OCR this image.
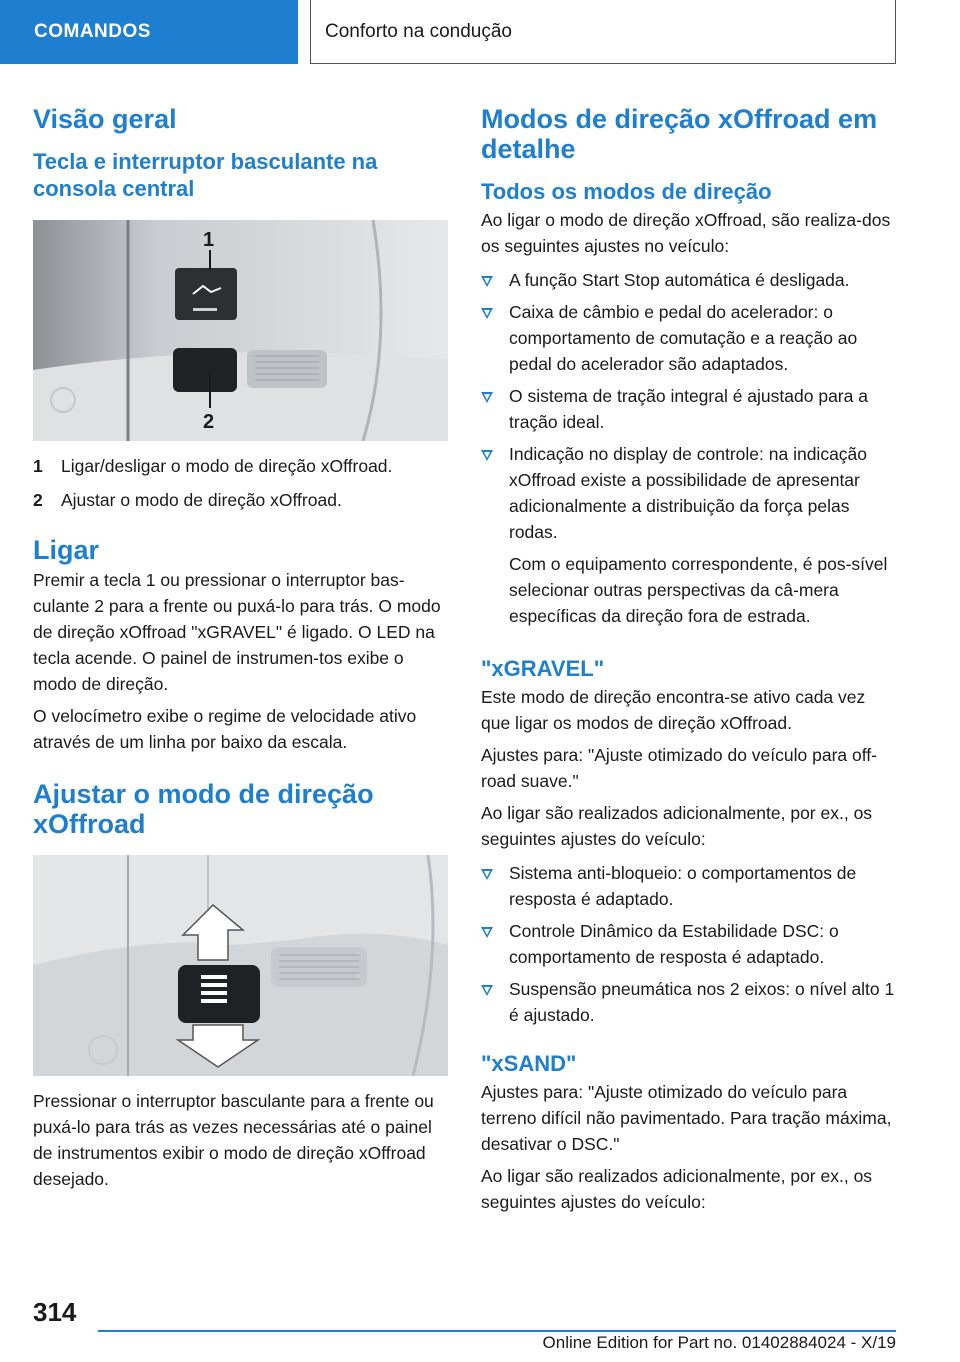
COMANDOS	Conforto na condução
Visão geral
Tecla e interruptor basculante na consola central
1
2
1	Ligar/desligar o modo de direção xOffroad.
2	Ajustar o modo de direção xOffroad.
Ligar

Premir a tecla 1 ou pressionar o interruptor bas-culante 2 para a frente ou puxá-lo para trás. O modo de direção xOffroad "xGRAVEL" é ligado. O LED na tecla acende. O painel de instrumen-tos exibe o modo de direção.

O velocímetro exibe o regime de velocidade ativo através de um linha por baixo da escala.

Ajustar o modo de direção xOffroad

Pressionar o interruptor basculante para a frente ou puxá-lo para trás as vezes necessárias até o painel de instrumentos exibir o modo de direção xOffroad desejado.

Modos de direção xOffroad em detalhe
Todos os modos de direção

Ao ligar o modo de direção xOffroad, são realiza-dos os seguintes ajustes no veículo:

A função Start Stop automática é desligada.
Caixa de câmbio e pedal do acelerador: o comportamento de comutação e a reação ao pedal do acelerador são adaptados.
O sistema de tração integral é ajustado para a tração ideal.
Indicação no display de controle: na indicação xOffroad existe a possibilidade de apresentar adicionalmente a distribuição da força pelas rodas.

Com o equipamento correspondente, é pos-sível selecionar outras perspectivas da câ-mera específicas da direção fora de estrada.

"xGRAVEL"

Este modo de direção encontra-se ativo cada vez que ligar os modos de direção xOffroad.

Ajustes para: "Ajuste otimizado do veículo para off-road suave."

Ao ligar são realizados adicionalmente, por ex., os seguintes ajustes do veículo:

Sistema anti-bloqueio: o comportamentos de resposta é adaptado.
Controle Dinâmico da Estabilidade DSC: o comportamento de resposta é adaptado.
Suspensão pneumática nos 2 eixos: o nível alto 1 é ajustado.
"xSAND"

Ajustes para: "Ajuste otimizado do veículo para terreno difícil não pavimentado. Para tração máxima, desativar o DSC."

Ao ligar são realizados adicionalmente, por ex., os seguintes ajustes do veículo:

314
Online Edition for Part no. 01402884024 - X/19
